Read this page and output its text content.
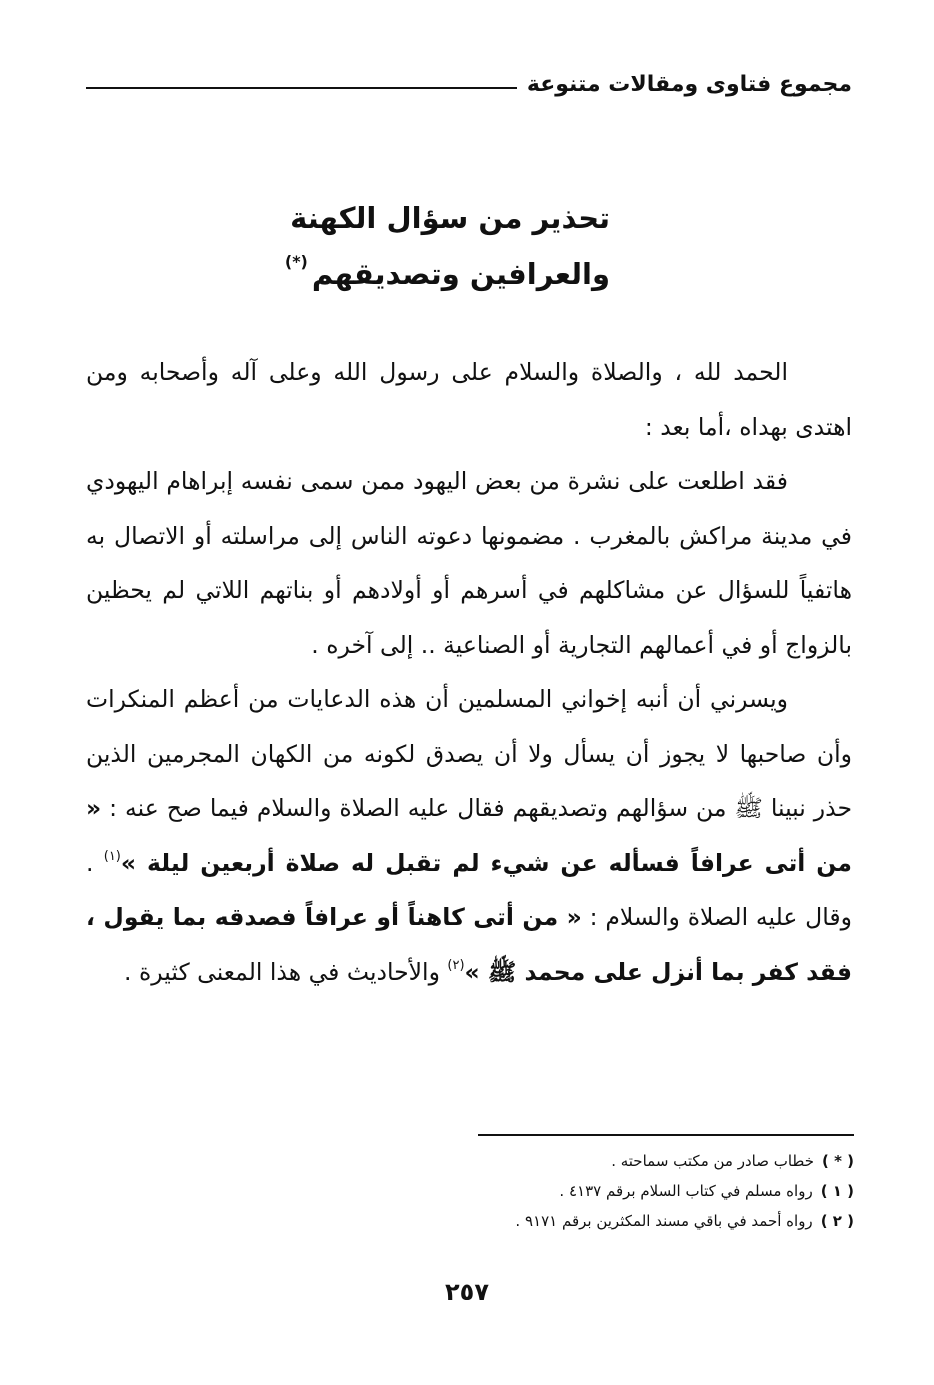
مجموع فتاوى ومقالات متنوعة
تحذير من سؤال الكهنة
والعرافين وتصديقهم(*)

الحمد لله ، والصلاة والسلام على رسول الله وعلى آله وأصحابه ومن اهتدى بهداه ،أما بعد :

فقد اطلعت على نشرة من بعض اليهود ممن سمى نفسه إبراهام اليهودي في مدينة مراكش بالمغرب . مضمونها دعوته الناس إلى مراسلته أو الاتصال به هاتفياً للسؤال عن مشاكلهم في أسرهم أو أولادهم أو بناتهم اللاتي لم يحظين بالزواج أو في أعمالهم التجارية أو الصناعية .. إلى آخره .

ويسرني أن أنبه إخواني المسلمين أن هذه الدعايات من أعظم المنكرات وأن صاحبها لا يجوز أن يسأل ولا أن يصدق لكونه من الكهان المجرمين الذين حذر نبينا ﷺ من سؤالهم وتصديقهم فقال عليه الصلاة والسلام فيما صح عنه : « من أتى عرافاً فسأله عن شيء لم تقبل له صلاة أربعين ليلة »$^{(١)}$ . وقال عليه الصلاة والسلام : « من أتى كاهناً أو عرافاً فصدقه بما يقول ، فقد كفر بما أنزل على محمد ﷺ »$^{(٢)}$ والأحاديث في هذا المعنى كثيرة .

( * )خطاب صادر من مكتب سماحته .
( ١ )رواه مسلم في كتاب السلام برقم ٤١٣٧ .
( ٢ )رواه أحمد في باقي مسند المكثرين برقم ٩١٧١ .
٢٥٧
